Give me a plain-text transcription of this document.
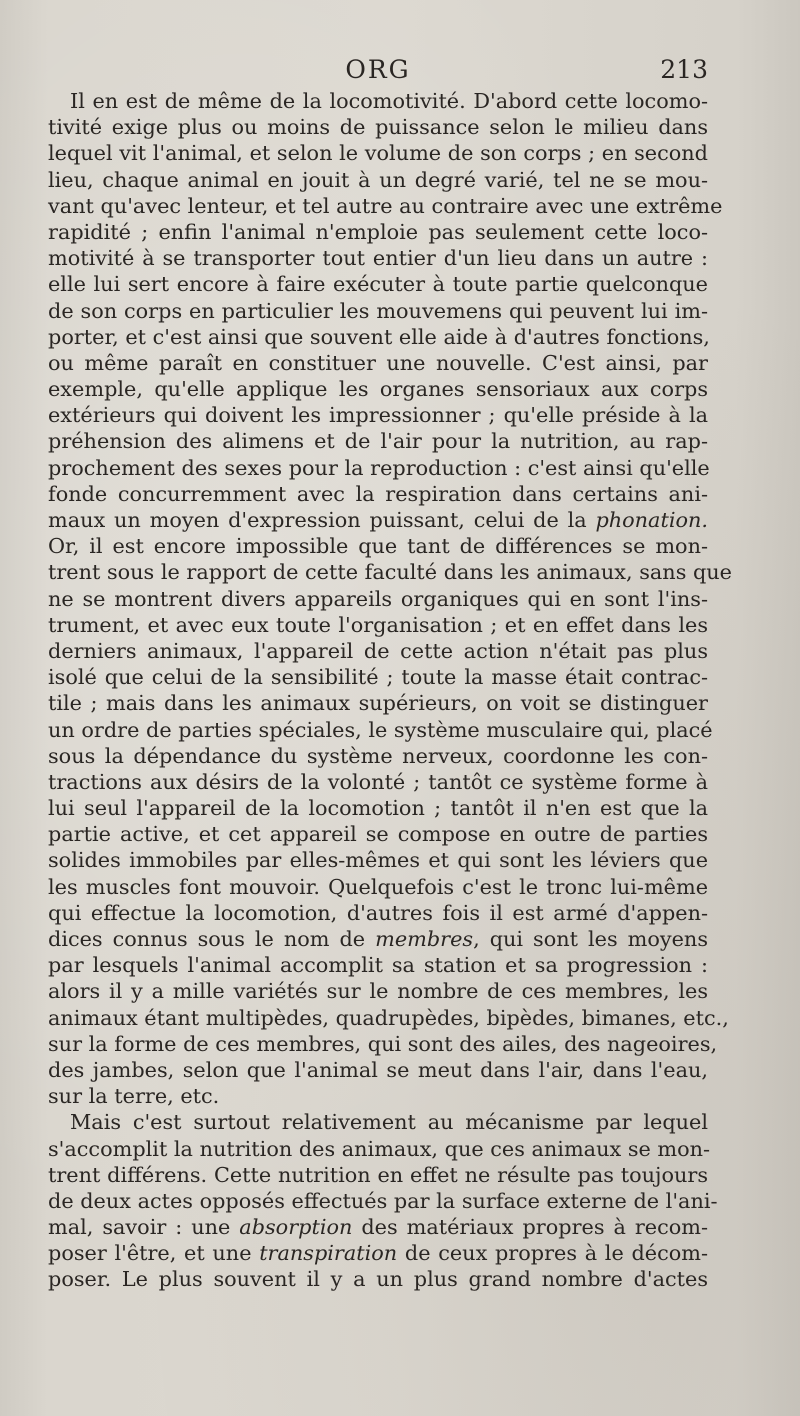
ORG	213
Il en est de même de la locomotivité. D'abord cette locomo-
tivité exige plus ou moins de puissance selon le milieu dans
lequel vit l'animal, et selon le volume de son corps ; en second
lieu, chaque animal en jouit à un degré varié, tel ne se mou-
vant qu'avec lenteur, et tel autre au contraire avec une extrême
rapidité ; enfin l'animal n'emploie pas seulement cette loco-
motivité à se transporter tout entier d'un lieu dans un autre :
elle lui sert encore à faire exécuter à toute partie quelconque
de son corps en particulier les mouvemens qui peuvent lui im-
porter, et c'est ainsi que souvent elle aide à d'autres fonctions,
ou même paraît en constituer une nouvelle. C'est ainsi, par
exemple, qu'elle applique les organes sensoriaux aux corps
extérieurs qui doivent les impressionner ; qu'elle préside à la
préhension des alimens et de l'air pour la nutrition, au rap-
prochement des sexes pour la reproduction : c'est ainsi qu'elle
fonde concurremment avec la respiration dans certains ani-
maux un moyen d'expression puissant, celui de la phonation.
Or, il est encore impossible que tant de différences se mon-
trent sous le rapport de cette faculté dans les animaux, sans que
ne se montrent divers appareils organiques qui en sont l'ins-
trument, et avec eux toute l'organisation ; et en effet dans les
derniers animaux, l'appareil de cette action n'était pas plus
isolé que celui de la sensibilité ; toute la masse était contrac-
tile ; mais dans les animaux supérieurs, on voit se distinguer
un ordre de parties spéciales, le système musculaire qui, placé
sous la dépendance du système nerveux, coordonne les con-
tractions aux désirs de la volonté ; tantôt ce système forme à
lui seul l'appareil de la locomotion ; tantôt il n'en est que la
partie active, et cet appareil se compose en outre de parties
solides immobiles par elles-mêmes et qui sont les léviers que
les muscles font mouvoir. Quelquefois c'est le tronc lui-même
qui effectue la locomotion, d'autres fois il est armé d'appen-
dices connus sous le nom de membres, qui sont les moyens
par lesquels l'animal accomplit sa station et sa progression :
alors il y a mille variétés sur le nombre de ces membres, les
animaux étant multipèdes, quadrupèdes, bipèdes, bimanes, etc.,
sur la forme de ces membres, qui sont des ailes, des nageoires,
des jambes, selon que l'animal se meut dans l'air, dans l'eau,
sur la terre, etc.
Mais c'est surtout relativement au mécanisme par lequel
s'accomplit la nutrition des animaux, que ces animaux se mon-
trent différens. Cette nutrition en effet ne résulte pas toujours
de deux actes opposés effectués par la surface externe de l'ani-
mal, savoir : une absorption des matériaux propres à recom-
poser l'être, et une transpiration de ceux propres à le décom-
poser. Le plus souvent il y a un plus grand nombre d'actes
